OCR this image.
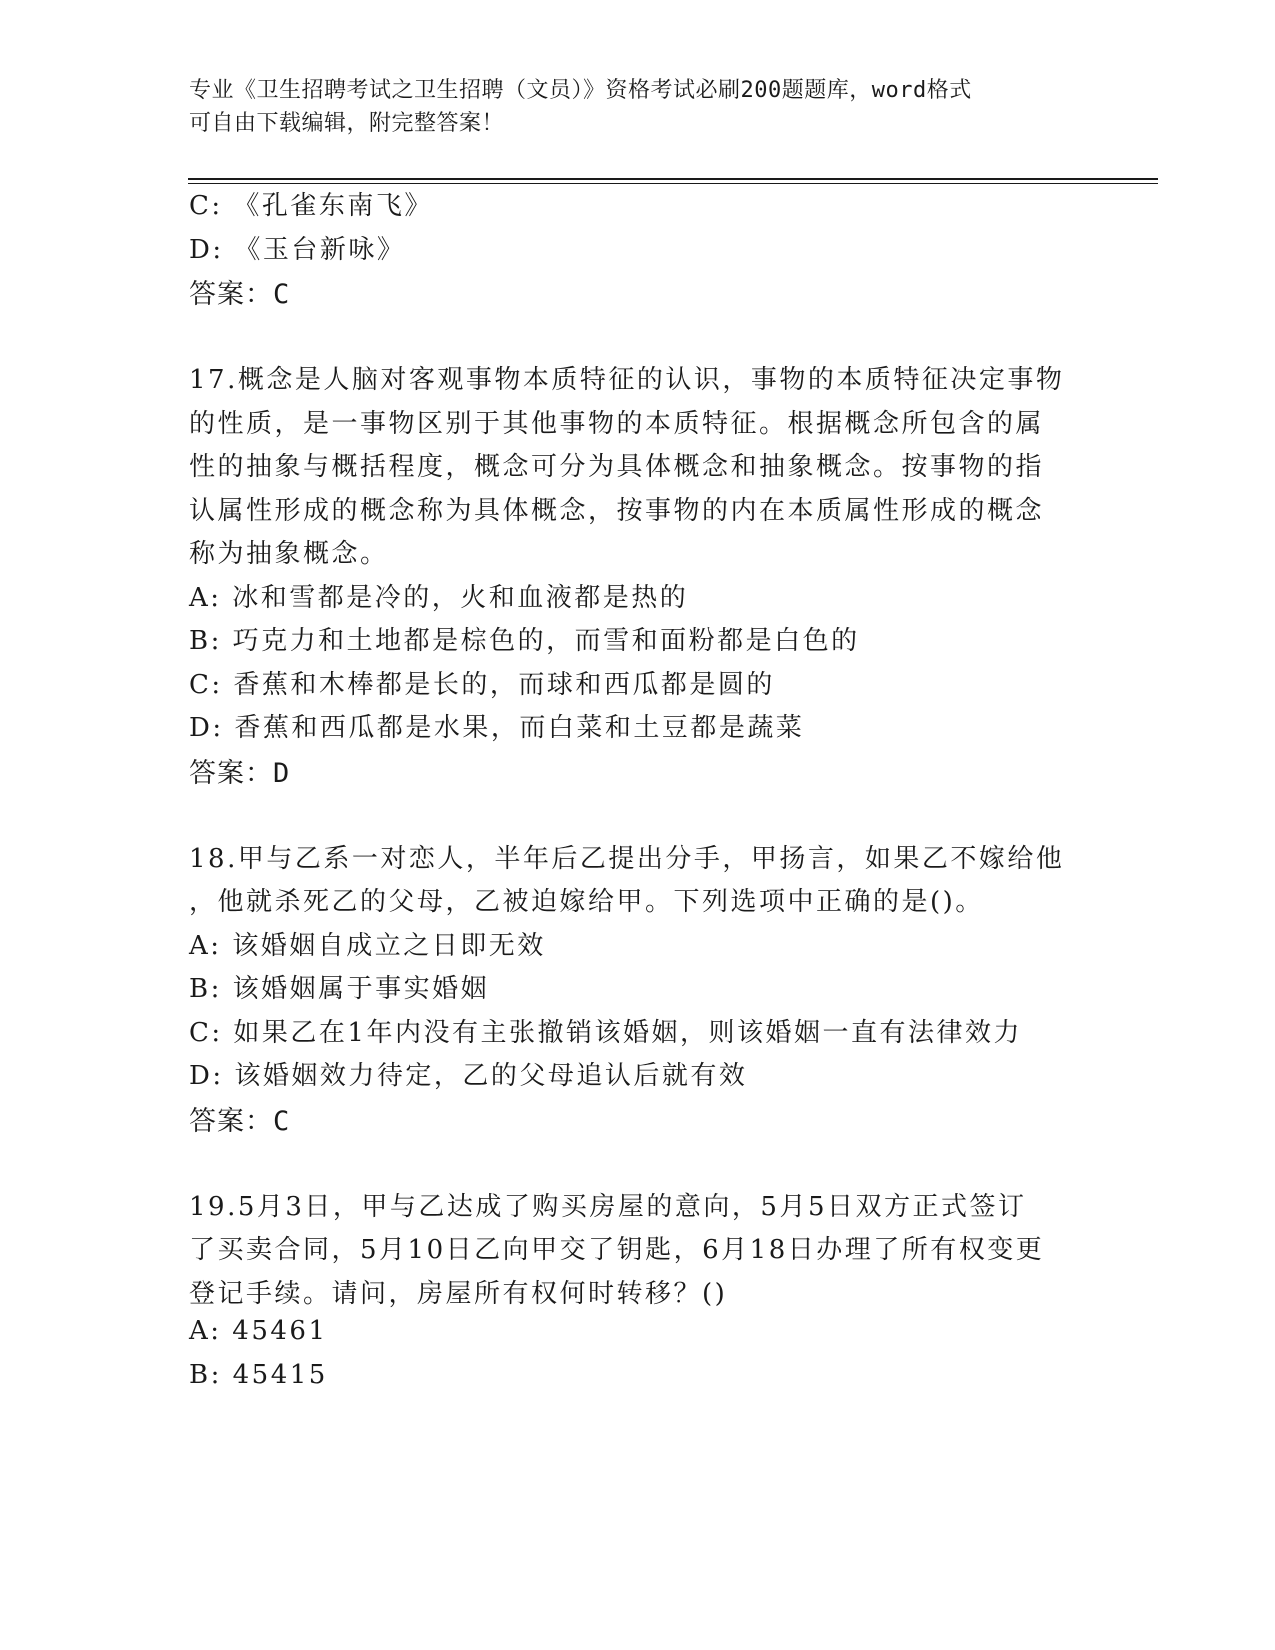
专业《卫生招聘考试之卫生招聘（文员）》资格考试必刷200题题库，word格式
可自由下载编辑，附完整答案！
C: 《孔雀东南飞》
D: 《玉台新咏》
答案：C
17.概念是人脑对客观事物本质特征的认识，事物的本质特征决定事物
的性质，是一事物区别于其他事物的本质特征。根据概念所包含的属
性的抽象与概括程度，概念可分为具体概念和抽象概念。按事物的指
认属性形成的概念称为具体概念，按事物的内在本质属性形成的概念
称为抽象概念。
A: 冰和雪都是冷的，火和血液都是热的
B: 巧克力和土地都是棕色的，而雪和面粉都是白色的
C: 香蕉和木棒都是长的，而球和西瓜都是圆的
D: 香蕉和西瓜都是水果，而白菜和土豆都是蔬菜
答案：D
18.甲与乙系一对恋人，半年后乙提出分手，甲扬言，如果乙不嫁给他
，他就杀死乙的父母，乙被迫嫁给甲。下列选项中正确的是()。
A: 该婚姻自成立之日即无效
B: 该婚姻属于事实婚姻
C: 如果乙在1年内没有主张撤销该婚姻，则该婚姻一直有法律效力
D: 该婚姻效力待定，乙的父母追认后就有效
答案：C
19.5月3日，甲与乙达成了购买房屋的意向，5月5日双方正式签订
了买卖合同，5月10日乙向甲交了钥匙，6月18日办理了所有权变更
登记手续。请问，房屋所有权何时转移？()
A: 45461
B: 45415
